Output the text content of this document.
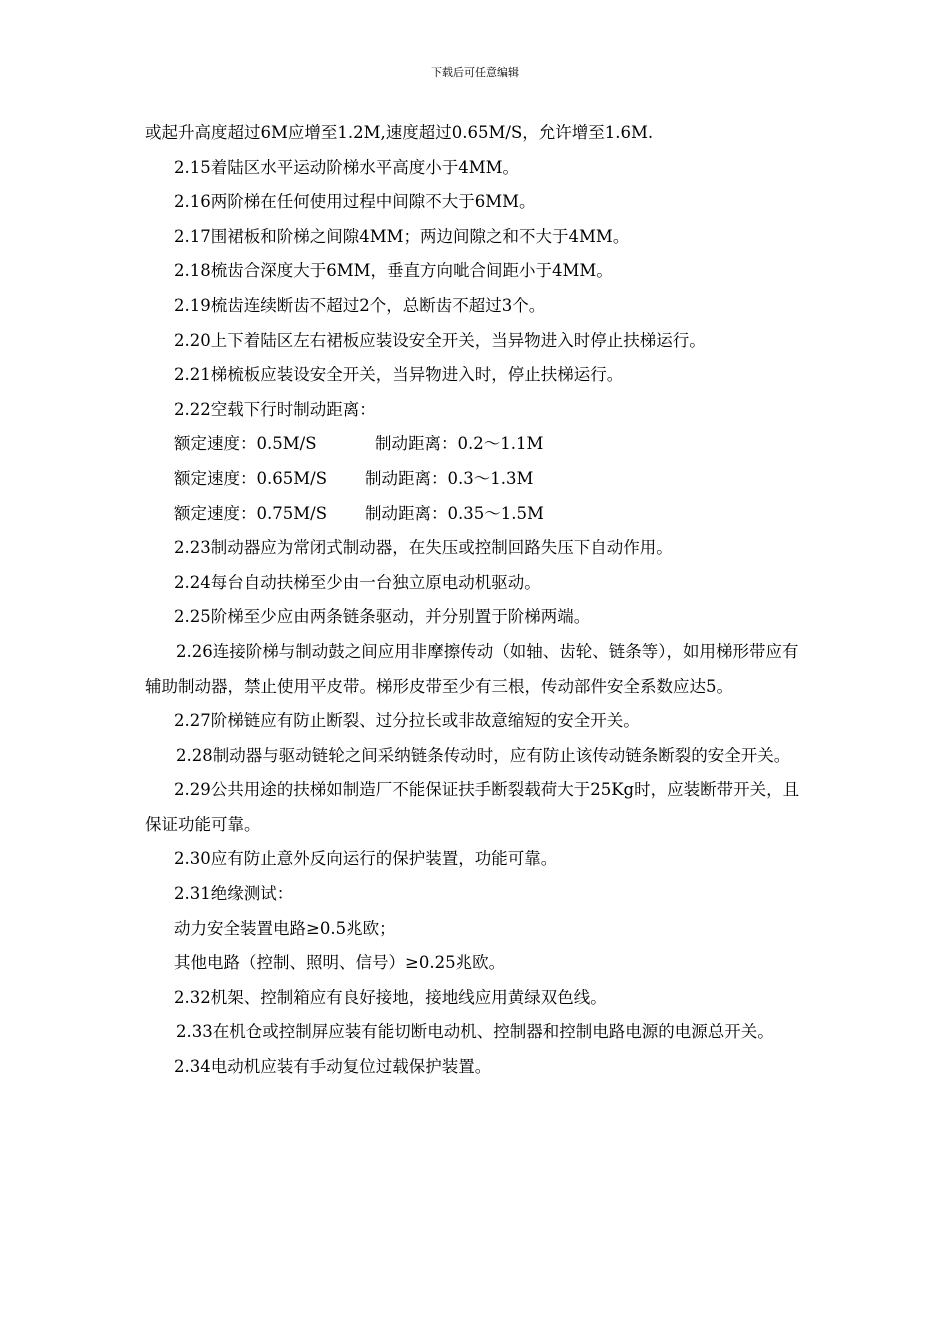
下载后可任意编辑

或起升高度超过6M应增至1.2M,速度超过0.65M/S，允许增至1.6M.

2.15着陆区水平运动阶梯水平高度小于4MM。

2.16两阶梯在任何使用过程中间隙不大于6MM。

2.17围裙板和阶梯之间隙4MM；两边间隙之和不大于4MM。

2.18梳齿合深度大于6MM，垂直方向呲合间距小于4MM。

2.19梳齿连续断齿不超过2个，总断齿不超过3个。

2.20上下着陆区左右裙板应装设安全开关，当异物进入时停止扶梯运行。

2.21梯梳板应装设安全开关，当异物进入时，停止扶梯运行。

2.22空载下行时制动距离：

额定速度：0.5M/S	制动距离：0.2～1.1M
额定速度：0.65M/S 制动距离：0.3～1.3M
额定速度：0.75M/S 制动距离：0.35～1.5M

2.23制动器应为常闭式制动器，在失压或控制回路失压下自动作用。

2.24每台自动扶梯至少由一台独立原电动机驱动。

2.25阶梯至少应由两条链条驱动，并分别置于阶梯两端。

2.26连接阶梯与制动鼓之间应用非摩擦传动（如轴、齿轮、链条等），如用梯形带应有辅助制动器，禁止使用平皮带。梯形皮带至少有三根，传动部件安全系数应达5。

2.27阶梯链应有防止断裂、过分拉长或非故意缩短的安全开关。

2.28制动器与驱动链轮之间采纳链条传动时，应有防止该传动链条断裂的安全开关。

2.29公共用途的扶梯如制造厂不能保证扶手断裂载荷大于25Kg时，应装断带开关，且保证功能可靠。

2.30应有防止意外反向运行的保护装置，功能可靠。

2.31绝缘测试：

动力安全装置电路≥0.5兆欧；

其他电路（控制、照明、信号）≥0.25兆欧。

2.32机架、控制箱应有良好接地，接地线应用黄绿双色线。

2.33在机仓或控制屏应装有能切断电动机、控制器和控制电路电源的电源总开关。

2.34电动机应装有手动复位过载保护装置。
